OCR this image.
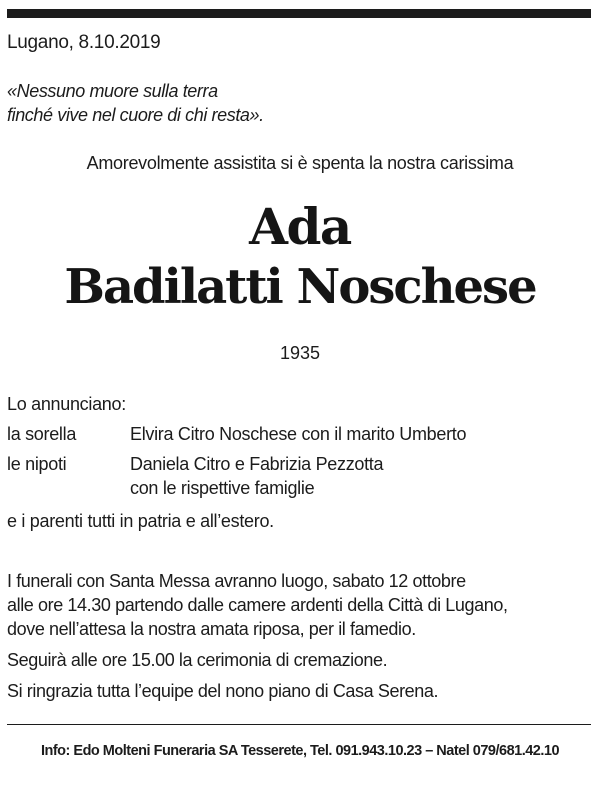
Lugano, 8.10.2019
«Nessuno muore sulla terra
finché vive nel cuore di chi resta».
Amorevolmente assistita si è spenta la nostra carissima
Ada
Badilatti Noschese
1935
Lo annunciano:
la sorella	Elvira Citro Noschese con il marito Umberto
le nipoti	Daniela Citro e Fabrizia Pezzotta
con le rispettive famiglie
e i parenti tutti in patria e all’estero.

I funerali con Santa Messa avranno luogo, sabato 12 ottobre
alle ore 14.30 partendo dalle camere ardenti della Città di Lugano,
dove nell’attesa la nostra amata riposa, per il famedio.

Seguirà alle ore 15.00 la cerimonia di cremazione.

Si ringrazia tutta l’equipe del nono piano di Casa Serena.

Info: Edo Molteni Funeraria SA Tesserete, Tel. 091.943.10.23 – Natel 079/681.42.10
